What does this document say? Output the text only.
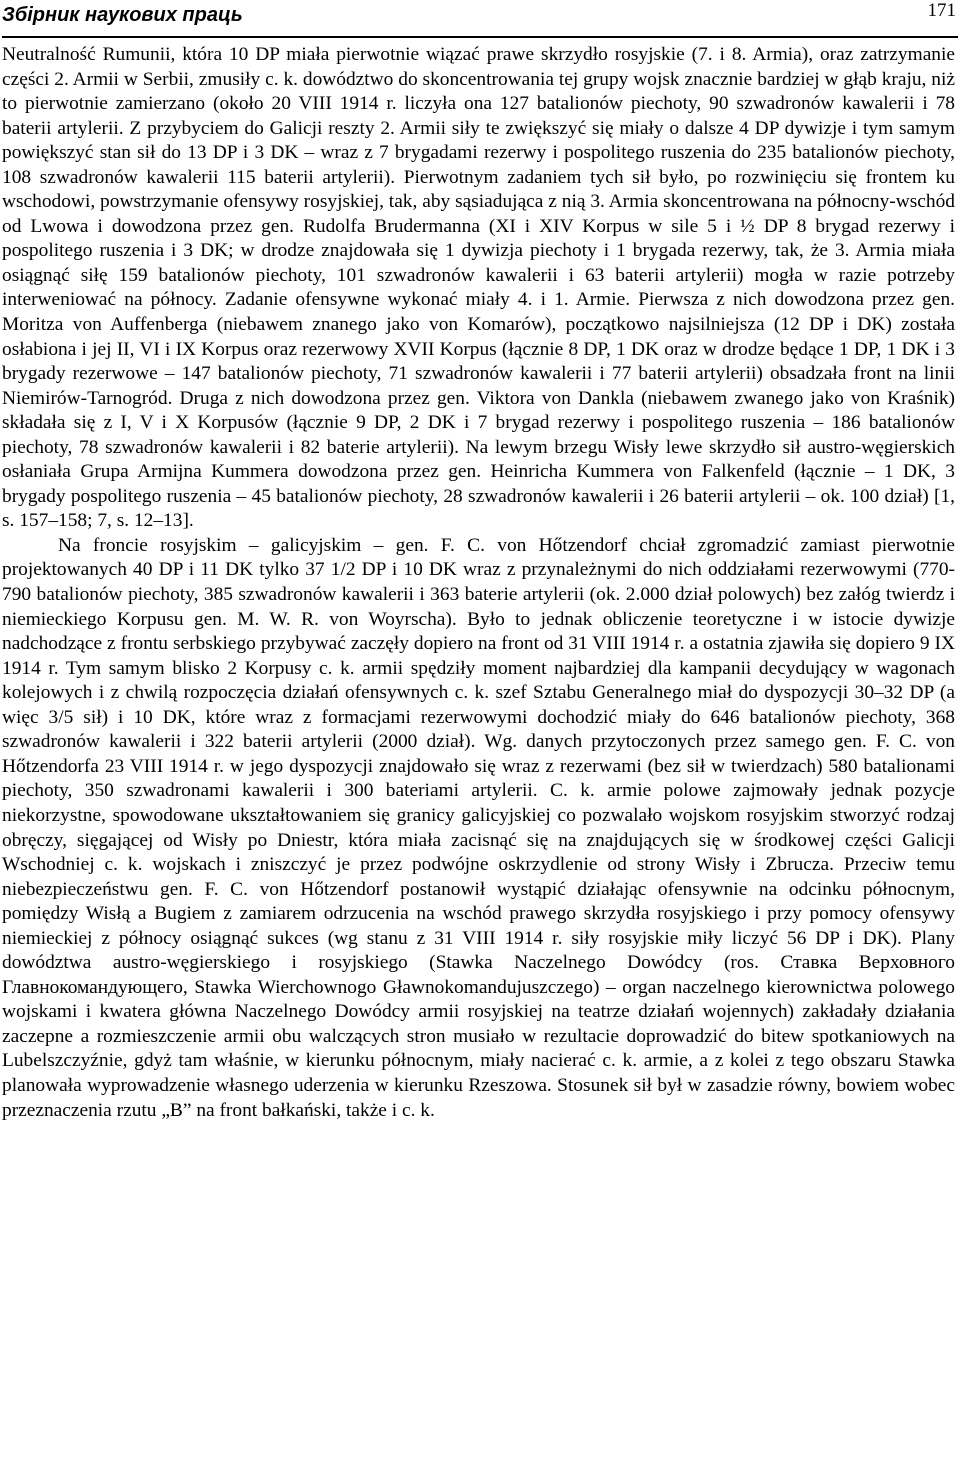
Збірник наукових праць	171

Neutralność Rumunii, która 10 DP miała pierwotnie wiązać prawe skrzydło rosyjskie (7. i 8. Armia), oraz zatrzymanie części 2. Armii w Serbii, zmusiły c. k. dowództwo do skoncentrowania tej grupy wojsk znacznie bardziej w głąb kraju, niż to pierwotnie zamierzano (około 20 VIII 1914 r. liczyła ona 127 batalionów piechoty, 90 szwadronów kawalerii i 78 baterii artylerii. Z przybyciem do Galicji reszty 2. Armii siły te zwiększyć się miały o dalsze 4 DP dywizje i tym samym powiększyć stan sił do 13 DP i 3 DK – wraz z 7 brygadami rezerwy i pospolitego ruszenia do 235 batalionów piechoty, 108 szwadronów kawalerii 115 baterii artylerii). Pierwotnym zadaniem tych sił było, po rozwinięciu się frontem ku wschodowi, powstrzymanie ofensywy rosyjskiej, tak, aby sąsiadująca z nią 3. Armia skoncentrowana na północny-wschód od Lwowa i dowodzona przez gen. Rudolfa Brudermanna (XI i XIV Korpus w sile 5 i ½ DP 8 brygad rezerwy i pospolitego ruszenia i 3 DK; w drodze znajdowała się 1 dywizja piechoty i 1 brygada rezerwy, tak, że 3. Armia miała osiągnąć siłę 159 batalionów piechoty, 101 szwadronów kawalerii i 63 baterii artylerii) mogła w razie potrzeby interweniować na północy. Zadanie ofensywne wykonać miały 4. i 1. Armie. Pierwsza z nich dowodzona przez gen. Moritza von Auffenberga (niebawem znanego jako von Komarów), początkowo najsilniejsza (12 DP i DK) została osłabiona i jej II, VI i IX Korpus oraz rezerwowy XVII Korpus (łącznie 8 DP, 1 DK oraz w drodze będące 1 DP, 1 DK i 3 brygady rezerwowe – 147 batalionów piechoty, 71 szwadronów kawalerii i 77 baterii artylerii) obsadzała front na linii Niemirów-Tarnogród. Druga z nich dowodzona przez gen. Viktora von Dankla (niebawem zwanego jako von Kraśnik) składała się z I, V i X Korpusów (łącznie 9 DP, 2 DK i 7 brygad rezerwy i pospolitego ruszenia – 186 batalionów piechoty, 78 szwadronów kawalerii i 82 baterie artylerii). Na lewym brzegu Wisły lewe skrzydło sił austro-węgierskich osłaniała Grupa Armijna Kummera dowodzona przez gen. Heinricha Kummera von Falkenfeld (łącznie – 1 DK, 3 brygady pospolitego ruszenia – 45 batalionów piechoty, 28 szwadronów kawalerii i 26 baterii artylerii – ok. 100 dział) [1, s. 157–158; 7, s. 12–13].

Na froncie rosyjskim – galicyjskim – gen. F. C. von Hőtzendorf chciał zgromadzić zamiast pierwotnie projektowanych 40 DP i 11 DK tylko 37 1/2 DP i 10 DK wraz z przynależnymi do nich oddziałami rezerwowymi (770-790 batalionów piechoty, 385 szwadronów kawalerii i 363 baterie artylerii (ok. 2.000 dział polowych) bez załóg twierdz i niemieckiego Korpusu gen. M. W. R. von Woyrscha). Było to jednak obliczenie teoretyczne i w istocie dywizje nadchodzące z frontu serbskiego przybywać zaczęły dopiero na front od 31 VIII 1914 r. a ostatnia zjawiła się dopiero 9 IX 1914 r. Tym samym blisko 2 Korpusy c. k. armii spędziły moment najbardziej dla kampanii decydujący w wagonach kolejowych i z chwilą rozpoczęcia działań ofensywnych c. k. szef Sztabu Generalnego miał do dyspozycji 30–32 DP (a więc 3/5 sił) i 10 DK, które wraz z formacjami rezerwowymi dochodzić miały do 646 batalionów piechoty, 368 szwadronów kawalerii i 322 baterii artylerii (2000 dział). Wg. danych przytoczonych przez samego gen. F. C. von Hőtzendorfa 23 VIII 1914 r. w jego dyspozycji znajdowało się wraz z rezerwami (bez sił w twierdzach) 580 batalionami piechoty, 350 szwadronami kawalerii i 300 bateriami artylerii. C. k. armie polowe zajmowały jednak pozycje niekorzystne, spowodowane ukształtowaniem się granicy galicyjskiej co pozwalało wojskom rosyjskim stworzyć rodzaj obręczy, sięgającej od Wisły po Dniestr, która miała zacisnąć się na znajdujących się w środkowej części Galicji Wschodniej c. k. wojskach i zniszczyć je przez podwójne oskrzydlenie od strony Wisły i Zbrucza. Przeciw temu niebezpieczeństwu gen. F. C. von Hőtzendorf postanowił wystąpić działając ofensywnie na odcinku północnym, pomiędzy Wisłą a Bugiem z zamiarem odrzucenia na wschód prawego skrzydła rosyjskiego i przy pomocy ofensywy niemieckiej z północy osiągnąć sukces (wg stanu z 31 VIII 1914 r. siły rosyjskie miły liczyć 56 DP i DK). Plany dowództwa austro-węgierskiego i rosyjskiego (Stawka Naczelnego Dowódcy (ros. Ставка Верховного Главнокомандующего, Stawka Wierchownogo Gławnokomandujuszczego) – organ naczelnego kierownictwa polowego wojskami i kwatera główna Naczelnego Dowódcy armii rosyjskiej na teatrze działań wojennych) zakładały działania zaczepne a rozmieszczenie armii obu walczących stron musiało w rezultacie doprowadzić do bitew spotkaniowych na Lubelszczyźnie, gdyż tam właśnie, w kierunku północnym, miały nacierać c. k. armie, a z kolei z tego obszaru Stawka planowała wyprowadzenie własnego uderzenia w kierunku Rzeszowa. Stosunek sił był w zasadzie równy, bowiem wobec przeznaczenia rzutu „B” na front bałkański, także i c. k.
